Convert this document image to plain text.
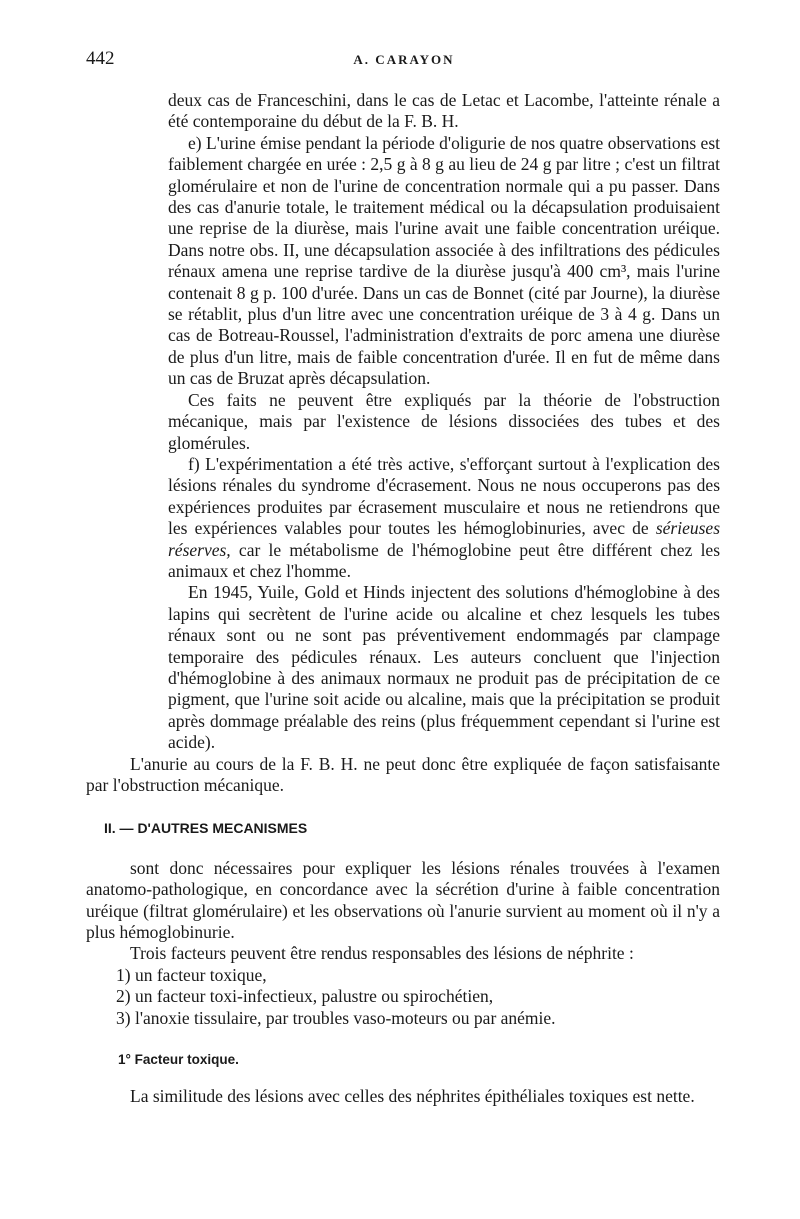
442	A. CARAYON

deux cas de Franceschini, dans le cas de Letac et Lacombe, l'atteinte rénale a été contemporaine du début de la F. B. H.

e) L'urine émise pendant la période d'oligurie de nos quatre observations est faiblement chargée en urée : 2,5 g à 8 g au lieu de 24 g par litre ; c'est un filtrat glomérulaire et non de l'urine de concentration normale qui a pu passer. Dans des cas d'anurie totale, le traitement médical ou la décapsulation produisaient une reprise de la diurèse, mais l'urine avait une faible concentration uréique. Dans notre obs. II, une décapsulation associée à des infiltrations des pédicules rénaux amena une reprise tardive de la diurèse jusqu'à 400 cm³, mais l'urine contenait 8 g p. 100 d'urée. Dans un cas de Bonnet (cité par Journe), la diurèse se rétablit, plus d'un litre avec une concentration uréique de 3 à 4 g. Dans un cas de Botreau-Roussel, l'administration d'extraits de porc amena une diurèse de plus d'un litre, mais de faible concentration d'urée. Il en fut de même dans un cas de Bruzat après décapsulation.

Ces faits ne peuvent être expliqués par la théorie de l'obstruction mécanique, mais par l'existence de lésions dissociées des tubes et des glomérules.

f) L'expérimentation a été très active, s'efforçant surtout à l'explication des lésions rénales du syndrome d'écrasement. Nous ne nous occuperons pas des expériences produites par écrasement musculaire et nous ne retiendrons que les expériences valables pour toutes les hémoglobinuries, avec de sérieuses réserves, car le métabolisme de l'hémoglobine peut être différent chez les animaux et chez l'homme.

En 1945, Yuile, Gold et Hinds injectent des solutions d'hémoglobine à des lapins qui secrètent de l'urine acide ou alcaline et chez lesquels les tubes rénaux sont ou ne sont pas préventivement endommagés par clampage temporaire des pédicules rénaux. Les auteurs concluent que l'injection d'hémoglobine à des animaux normaux ne produit pas de précipitation de ce pigment, que l'urine soit acide ou alcaline, mais que la précipitation se produit après dommage préalable des reins (plus fréquemment cependant si l'urine est acide).

L'anurie au cours de la F. B. H. ne peut donc être expliquée de façon satisfaisante par l'obstruction mécanique.

II. — D'AUTRES MECANISMES

sont donc nécessaires pour expliquer les lésions rénales trouvées à l'examen anatomo-pathologique, en concordance avec la sécrétion d'urine à faible concentration uréique (filtrat glomérulaire) et les observations où l'anurie survient au moment où il n'y a plus hémoglobinurie.

Trois facteurs peuvent être rendus responsables des lésions de néphrite :

1) un facteur toxique,
2) un facteur toxi-infectieux, palustre ou spirochétien,
3) l'anoxie tissulaire, par troubles vaso-moteurs ou par anémie.
1° Facteur toxique.

La similitude des lésions avec celles des néphrites épithéliales toxiques est nette.
